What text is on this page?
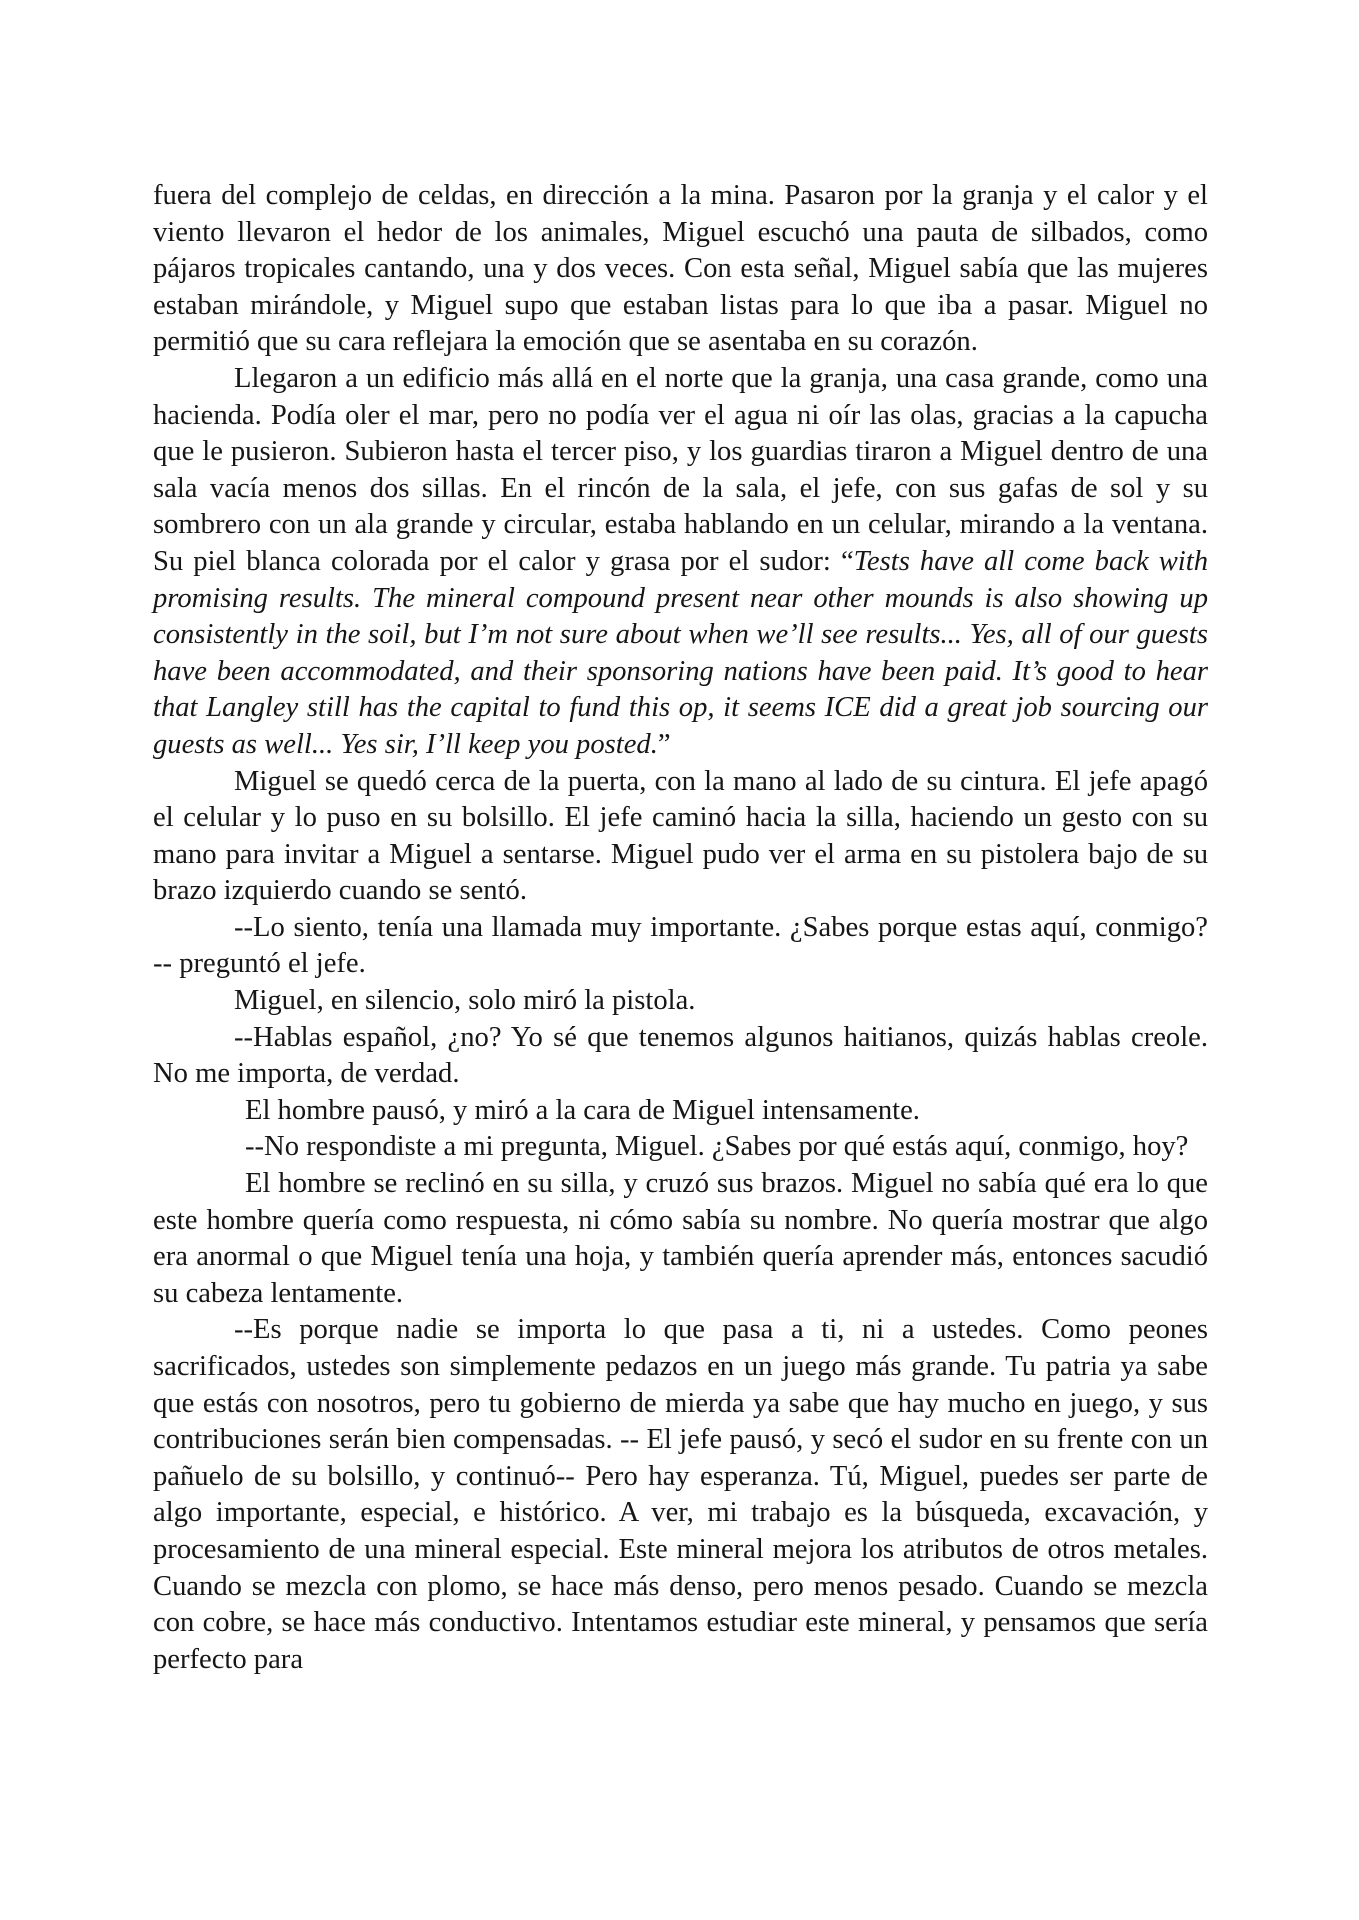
fuera del complejo de celdas, en dirección a la mina. Pasaron por la granja y el calor y el viento llevaron el hedor de los animales, Miguel escuchó una pauta de silbados, como pájaros tropicales cantando, una y dos veces. Con esta señal, Miguel sabía que las mujeres estaban mirándole, y Miguel supo que estaban listas para lo que iba a pasar. Miguel no permitió que su cara reflejara la emoción que se asentaba en su corazón.

Llegaron a un edificio más allá en el norte que la granja, una casa grande, como una hacienda. Podía oler el mar, pero no podía ver el agua ni oír las olas, gracias a la capucha que le pusieron. Subieron hasta el tercer piso, y los guardias tiraron a Miguel dentro de una sala vacía menos dos sillas. En el rincón de la sala, el jefe, con sus gafas de sol y su sombrero con un ala grande y circular, estaba hablando en un celular, mirando a la ventana. Su piel blanca colorada por el calor y grasa por el sudor: “Tests have all come back with promising results. The mineral compound present near other mounds is also showing up consistently in the soil, but I’m not sure about when we’ll see results... Yes, all of our guests have been accommodated, and their sponsoring nations have been paid. It’s good to hear that Langley still has the capital to fund this op, it seems ICE did a great job sourcing our guests as well... Yes sir, I’ll keep you posted.”

Miguel se quedó cerca de la puerta, con la mano al lado de su cintura. El jefe apagó el celular y lo puso en su bolsillo. El jefe caminó hacia la silla, haciendo un gesto con su mano para invitar a Miguel a sentarse. Miguel pudo ver el arma en su pistolera bajo de su brazo izquierdo cuando se sentó.

--Lo siento, tenía una llamada muy importante. ¿Sabes porque estas aquí, conmigo? -- preguntó el jefe.

Miguel, en silencio, solo miró la pistola.

--Hablas español, ¿no? Yo sé que tenemos algunos haitianos, quizás hablas creole. No me importa, de verdad.

El hombre pausó, y miró a la cara de Miguel intensamente.

--No respondiste a mi pregunta, Miguel. ¿Sabes por qué estás aquí, conmigo, hoy?

El hombre se reclinó en su silla, y cruzó sus brazos. Miguel no sabía qué era lo que este hombre quería como respuesta, ni cómo sabía su nombre. No quería mostrar que algo era anormal o que Miguel tenía una hoja, y también quería aprender más, entonces sacudió su cabeza lentamente.

--Es porque nadie se importa lo que pasa a ti, ni a ustedes. Como peones sacrificados, ustedes son simplemente pedazos en un juego más grande. Tu patria ya sabe que estás con nosotros, pero tu gobierno de mierda ya sabe que hay mucho en juego, y sus contribuciones serán bien compensadas. -- El jefe pausó, y secó el sudor en su frente con un pañuelo de su bolsillo, y continuó-- Pero hay esperanza. Tú, Miguel, puedes ser parte de algo importante, especial, e histórico. A ver, mi trabajo es la búsqueda, excavación, y procesamiento de una mineral especial. Este mineral mejora los atributos de otros metales. Cuando se mezcla con plomo, se hace más denso, pero menos pesado. Cuando se mezcla con cobre, se hace más conductivo. Intentamos estudiar este mineral, y pensamos que sería perfecto para
